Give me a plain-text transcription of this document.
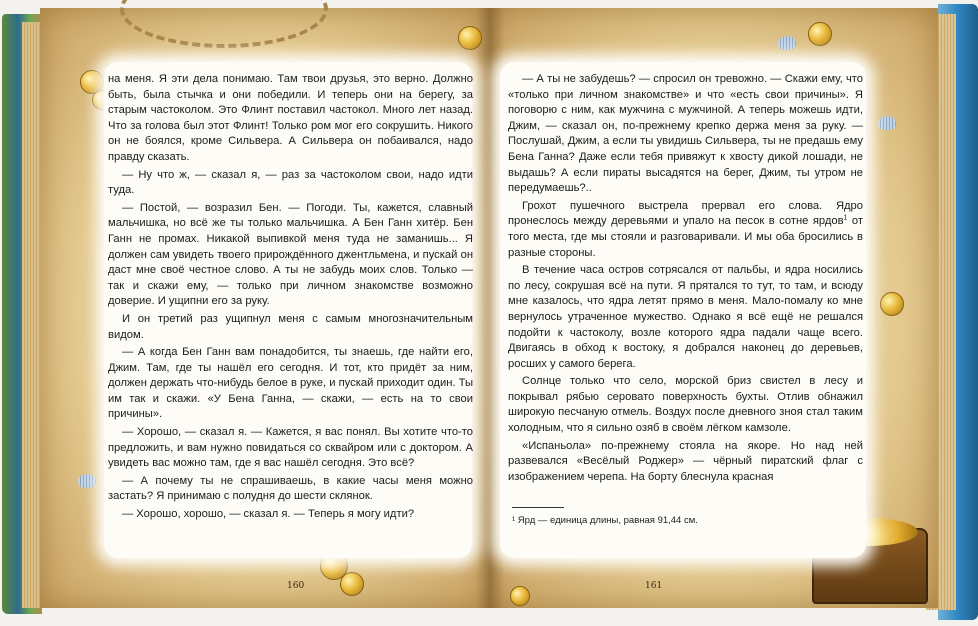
на меня. Я эти дела понимаю. Там твои друзья, это верно. Должно быть, была стычка и они победили. И теперь они на берегу, за старым частоколом. Это Флинт поставил частокол. Много лет назад. Что за голова был этот Флинт! Только ром мог его сокрушить. Никого он не боялся, кроме Сильвера. А Сильвера он побаивался, надо правду сказать.

— Ну что ж, — сказал я, — раз за частоколом свои, надо идти туда.

— Постой, — возразил Бен. — Погоди. Ты, кажется, славный мальчишка, но всё же ты только мальчишка. А Бен Ганн хитёр. Бен Ганн не промах. Никакой выпивкой меня туда не заманишь... Я должен сам увидеть твоего прирождённого джентльмена, и пускай он даст мне своё честное слово. А ты не забудь моих слов. Только — так и скажи ему, — только при личном знакомстве возможно доверие. И ущипни его за руку.

И он третий раз ущипнул меня с самым многозначительным видом.

— А когда Бен Ганн вам понадобится, ты знаешь, где найти его, Джим. Там, где ты нашёл его сегодня. И тот, кто придёт за ним, должен держать что-нибудь белое в руке, и пускай приходит один. Ты им так и скажи. «У Бена Ганна, — скажи, — есть на то свои причины».

— Хорошо, — сказал я. — Кажется, я вас понял. Вы хотите что-то предложить, и вам нужно повидаться со сквайром или с доктором. А увидеть вас можно там, где я вас нашёл сегодня. Это всё?

— А почему ты не спрашиваешь, в какие часы меня можно застать? Я принимаю с полудня до шести склянок.

— Хорошо, хорошо, — сказал я. — Теперь я могу идти?

— А ты не забудешь? — спросил он тревожно. — Скажи ему, что «только при личном знакомстве» и что «есть свои причины». Я поговорю с ним, как мужчина с мужчиной. А теперь можешь идти, Джим, — сказал он, по-прежнему крепко держа меня за руку. — Послушай, Джим, а если ты увидишь Сильвера, ты не предашь ему Бена Ганна? Даже если тебя привяжут к хвосту дикой лошади, не выдашь? А если пираты высадятся на берег, Джим, ты утром не передумаешь?..

Грохот пушечного выстрела прервал его слова. Ядро пронеслось между деревьями и упало на песок в сотне ярдов$^1$ от того места, где мы стояли и разговаривали. И мы оба бросились в разные стороны.

В течение часа остров сотрясался от пальбы, и ядра носились по лесу, сокрушая всё на пути. Я прятался то тут, то там, и всюду мне казалось, что ядра летят прямо в меня. Мало-помалу ко мне вернулось утраченное мужество. Однако я всё ещё не решался подойти к частоколу, возле которого ядра падали чаще всего. Двигаясь в обход к востоку, я добрался наконец до деревьев, росших у самого берега.

Солнце только что село, морской бриз свистел в лесу и покрывал рябью серовато поверхность бухты. Отлив обнажил широкую песчаную отмель. Воздух после дневного зноя стал таким холодным, что я сильно озяб в своём лёгком камзоле.

«Испаньола» по-прежнему стояла на якоре. Но над ней развевался «Весёлый Роджер» — чёрный пиратский флаг с изображением черепа. На борту блеснула красная

¹ Ярд — единица длины, равная 91,44 см.
160	161
